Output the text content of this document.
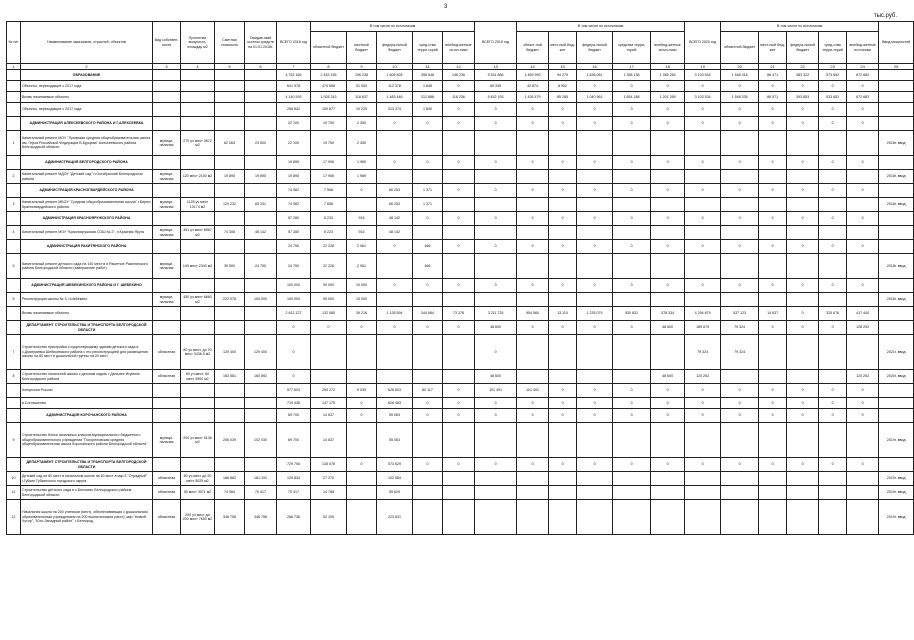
3
тыс.руб.
№ п/п	Наименование заказчиков, отраслей, объектов	Вид собствен-ности	Проектная мощность, площадь м2	Сметная стоимость	Ожидае-мый остаток средств на 01.01.2018г.	ВСЕГО 2018 год	В том числе по источникам					ВСЕГО 2019 год	В том числе по источникам					ВСЕГО 2020 год	В том числе по источникам					Ввод мощностей
							областной бюджет	местный бюджет	федера-льный бюджет	сред-ства терри-торий	внебюд-жетные источ-ники		област-ной бюджет	мест-ный бюд-жет	федера-льный бюджет	средства терри-торий	внебюд-жетные источ-ники		областной бюджет	мест-ный бюд-жет	федера-льный бюджет	сред-ства терри-торий	внебюд-жетные источники	
1	2	3	4	5	6	7	8	9	10	11	12	13	14	15	16	17	18	19	20	21	22	23	24	25
	ОБРАЗОВАНИЕ					4 752 165	2 453 155	196 238	1 606 828	356 548	146 236	5 531 866	1 469 993	94 279	1 636 061	1 358 138	1 355 264	3 103 534	1 548 318	86 471	383 322	573 652	672 682	
	Объекты, переходящие с 2017 года					641 578	474 558	51 053	112 378	1 848	0	69 339	42 874	8 952	0	0	0	0	0	0	0	0	0	
	Вновь начинаемые объекты					4 140 593	1 928 243	118 637	1 483 446	312 888	118 236	5 452 193	1 426 479	85 285	1 040 961	1 654 188	1 201 269	3 103 534	1 548 335	86 571	393 853	533 652	672 682	
	Объекты, переходящие с 2017 года					258 842	109 877	10 225	313 374	1 840	0	0	0	0	0	0	0	0	0	0	0	0	0	
	АДМИНИСТРАЦИЯ АЛЕКСЕЕВСКОГО РАЙОНА И Г.АЛЕКСЕЕВКА					22 100	19 750	2 350	0	0	0	0	0	0	0	0	0	0	0	0	0	0	0	
1	Капитальный ремонт МОУ "Луговская средняя общеобразовательная школа им. Героя Российской Федерации В.Бурцева" Алексеевского района Белгородской области	муници-пальная	270 уч.мест 3672 м2	62 063	23 500	22 100	19 750	2 350																2018г. ввод
	АДМИНИСТРАЦИЯ БЕЛГОРОДСКОГО РАЙОНА					19 895	17 906	1 989	0	0	0	0	0	0	0	0	0	0	0	0	0	0	0	
2	Капитальный ремонт МДОУ "Детский сад" п.Октябрьский Белгородского района	муници-пальная	120 мест 2100 м2	19 895	19 895	19 895	17 906	1 989																2018г. ввод
	АДМИНИСТРАЦИЯ КРАСНОГВАРДЕЙСКОГО РАЙОНА					74 982	7 566	0	66 253	1 371	0	0	0	0	0	0	0	0	0	0	0	0	0	
3	Капитальный ремонт МБОУ "Средняя общеобразовательная школа" г.Бирюч Красногвардейского района	муници-пальная	1125 уч.мест 10174 м2	120 232	65 231	74 982	7 658		66 253	1 371														2018г. ввод
	АДМИНИСТРАЦИЯ КРАСНОЯРУЖСКОГО РАЙОНА					57 280	5 233	915	48 142	0	0	0	0	0	0	0	0	0	0	0	0	0	0	
4	Капитальный ремонт МОУ "Краснояружская СОШ № 2", п.Красная Яруга	муници-пальная	451 уч.мест 6567 м2	74 308	48 142	57 280	6 223	915	48 142															
	АДМИНИСТРАЦИЯ РАКИТЯНСКОГО РАЙОНА					24 750	22 228	2 061	0	466	0	0	0	0	0	0	0	0	0	0	0	0	0	
5	Капитальный ремонт детского сада на 140 мест в п.Ракитное Ракитянского района Белгородской области (завершение работ)	муници-пальная	140 мест 2340 м2	35 500	24 750	24 750	22 226	2 061		466														2018г. ввод
	АДМИНИСТРАЦИЯ ШЕБЕКИНСКОГО РАЙОНА И Г. ШЕБЕКИНО					100 000	90 000	10 000	0	0	0	0	0	0	0	0	0	0	0	0	0	0	0	
6	Реконструкция школы № 3, г.Шебекино	муници-пальная	450 уч.мест 6660 м2	222 078	100 000	100 000	90 000	10 000																2018г. ввод
	Вновь начинаемые объекты					2 613 127	132 085	39 216	1 128 594	344 664	73 378	3 211 725	954 960	13 110	1 235 079	530 831	378 334	4 294 879	537 123	14 637	0	325 676	417 440	
	ДЕПАРТАМЕНТ СТРОИТЕЛЬСТВА И ТРАНСПОРТА БЕЛГОРОДСКОЙ ОБЛАСТИ					0	0	0	0	0	0	48 600	0	0	0	0	48 600	189 679	79 324	0	0	0	128 292	
7	Строительство пристройки к существующему зданию детского сада в с.Дмитриевка Шебекинского района с его реконструкцией для размещения школы на 80 мест и дошкольной группы на 20 мест	областная	80 уч.мест, до 20 мест 3436,5 м2	129 400	129 400	0						0						79 324	79 324					2021г. ввод
8	Строительство начальной школы с детским садом, г.Дальнее Игумное Белгородского района	областная	80 уч.мест, 60 мест 4900 м2	163 581	160 892	0						48 600					48 600	120 292					120 292	2020г. ввод
	Концессия России					577 603	259 272	5 039	626 603	80 117	0	101 491	101 491	0	0	0	0	0	0	0	0	0	0	
	в Соглашения					719 438	147 175	0	628 483	0	0	0	0	0	0	0	0	0	0	0	0	0	0	
	АДМИНИСТРАЦИЯ КОРОЧАНСКОГО РАЙОНА					69 700	14 637	0	55 063	0	0	0	0	0	0	0	0	0	0	0	0	0	0	
9	Строительство блока начальных классов муниципального бюджетного общеобразовательного учреждения "Погореловская средняя общеобразовательная школа Корочанского района Белгородской области"	муници-пальная	200 уч.мест 5136 м2	206 039	102 030	69 700	14 637		55 063															2019г. ввод
	ДЕПАРТАМЕНТ СТРОИТЕЛЬСТВА И ТРАНСПОРТА БЕЛГОРОДСКОЙ ОБЛАСТИ					729 706	135 078	0	573 629	0	0	0	0	0	0	0	0	0	0	0	0	0	0	
10	Детский сад на 60 мест в начальном школе на 60 мест в мкр.5 "Отрадный" г.Губкин Губкинского городского округа	областная	80 уч.мест до 20 мест 5025 м2	186 882	181 331	129 834	27 270		102 564															2019г. ввод
11	Строительство детского сада в с.Бегичево Белгородского района Белгородской области	областная	90 мест 3071 м2	74 984	70 417	70 417	14 788		55 629															2019г. ввод
12	Начальная школа на 200 учеников (мест), обеспечивающая с дошкольным образовательным учреждением на 200 воспитанников (мест), мкр."Новый Хутор", "Юго-Западный район", г.Белгород	областная	200 уч.мест до 200 мест 7650 м2	346 756	346 756	266 736	52 105		223 631															2019г. ввод
